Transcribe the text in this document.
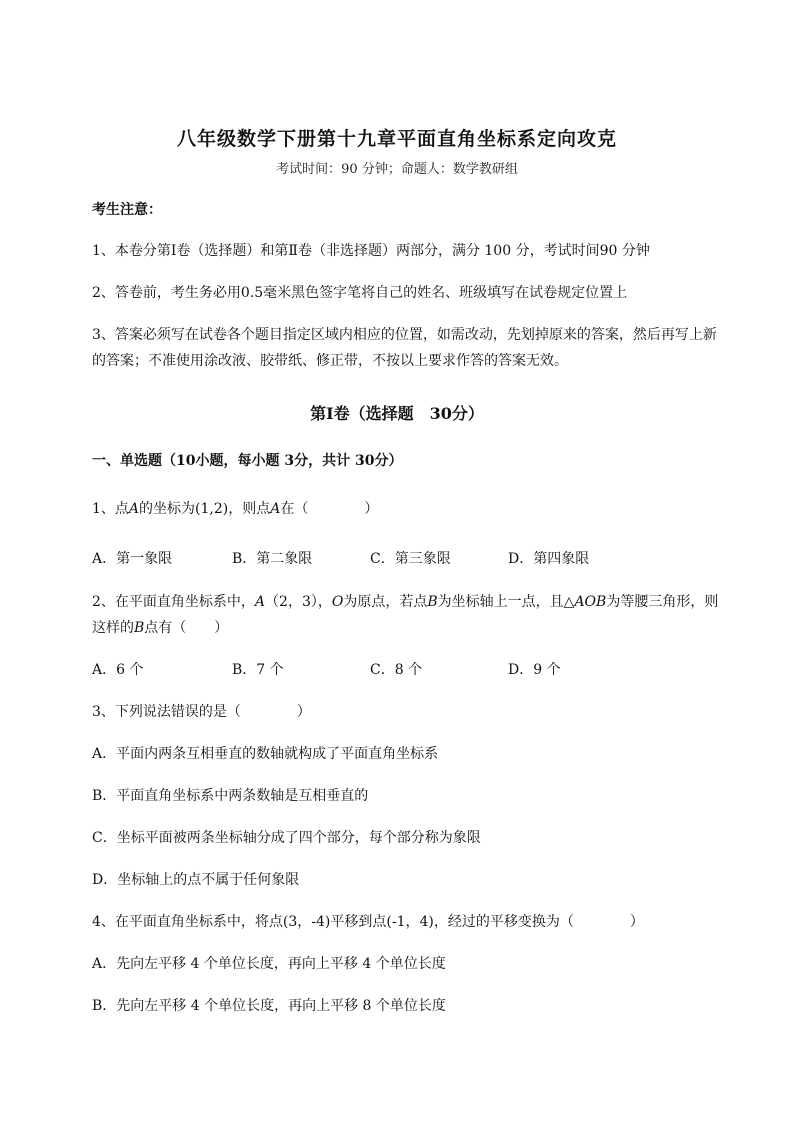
八年级数学下册第十九章平面直角坐标系定向攻克
考试时间：90 分钟；命题人：数学教研组
考生注意：
1、本卷分第Ⅰ卷（选择题）和第Ⅱ卷（非选择题）两部分，满分 100 分，考试时间90 分钟
2、答卷前，考生务必用0.5毫米黑色签字笔将自己的姓名、班级填写在试卷规定位置上
3、答案必须写在试卷各个题目指定区域内相应的位置，如需改动，先划掉原来的答案，然后再写上新
的答案；不准使用涂改液、胶带纸、修正带，不按以上要求作答的答案无效。
第Ⅰ卷（选择题　30分）
一、单选题（10小题，每小题 3分，共计 30分）
1、点A的坐标为(1,2)，则点A在（	）
A．第一象限	B．第二象限	C．第三象限	D．第四象限
2、在平面直角坐标系中，A（2，3），O为原点，若点B为坐标轴上一点，且△AOB为等腰三角形，则
这样的B点有（　　）
A．6 个	B．7 个	C．8 个	D．9 个
3、下列说法错误的是（	）
A．平面内两条互相垂直的数轴就构成了平面直角坐标系
B．平面直角坐标系中两条数轴是互相垂直的
C．坐标平面被两条坐标轴分成了四个部分，每个部分称为象限
D．坐标轴上的点不属于任何象限
4、在平面直角坐标系中，将点(3，-4)平移到点(-1，4)，经过的平移变换为（	）
A．先向左平移 4 个单位长度，再向上平移 4 个单位长度
B．先向左平移 4 个单位长度，再向上平移 8 个单位长度
